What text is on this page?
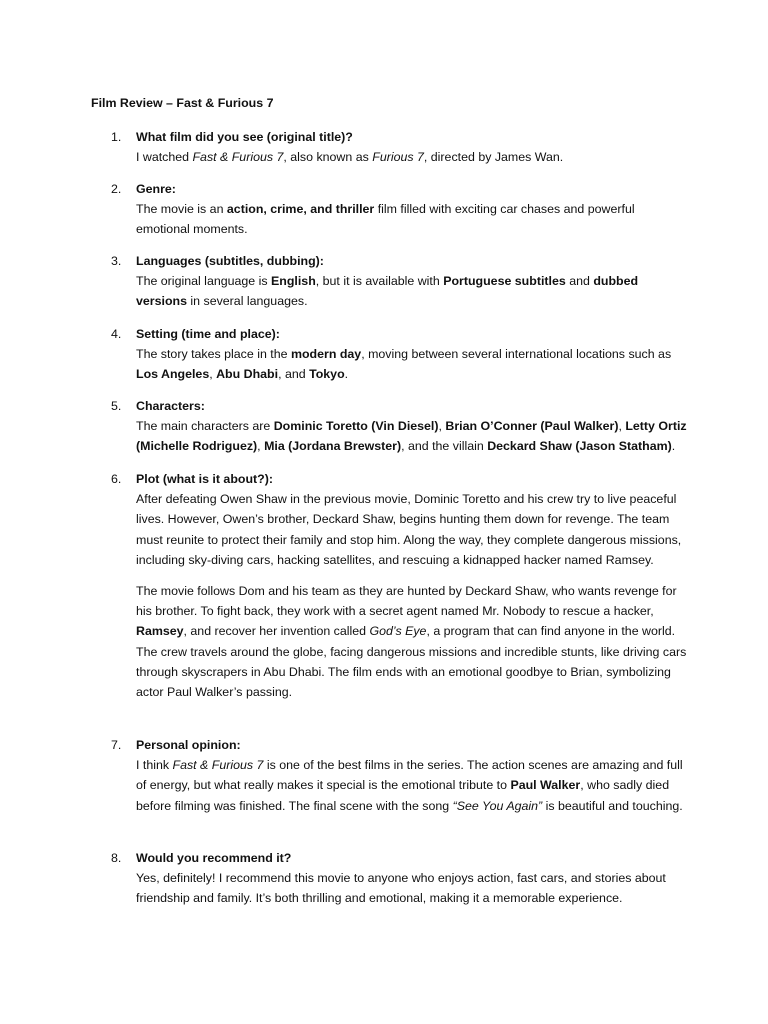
Film Review – Fast & Furious 7
1. What film did you see (original title)?

I watched Fast & Furious 7, also known as Furious 7, directed by James Wan.

2. Genre:

The movie is an action, crime, and thriller film filled with exciting car chases and powerful emotional moments.

3. Languages (subtitles, dubbing):

The original language is English, but it is available with Portuguese subtitles and dubbed versions in several languages.

4. Setting (time and place):

The story takes place in the modern day, moving between several international locations such as Los Angeles, Abu Dhabi, and Tokyo.

5. Characters:

The main characters are Dominic Toretto (Vin Diesel), Brian O’Conner (Paul Walker), Letty Ortiz (Michelle Rodriguez), Mia (Jordana Brewster), and the villain Deckard Shaw (Jason Statham).

6. Plot (what is it about?):

After defeating Owen Shaw in the previous movie, Dominic Toretto and his crew try to live peaceful lives. However, Owen’s brother, Deckard Shaw, begins hunting them down for revenge. The team must reunite to protect their family and stop him. Along the way, they complete dangerous missions, including sky-diving cars, hacking satellites, and rescuing a kidnapped hacker named Ramsey.

The movie follows Dom and his team as they are hunted by Deckard Shaw, who wants revenge for his brother. To fight back, they work with a secret agent named Mr. Nobody to rescue a hacker, Ramsey, and recover her invention called God’s Eye, a program that can find anyone in the world. The crew travels around the globe, facing dangerous missions and incredible stunts, like driving cars through skyscrapers in Abu Dhabi. The film ends with an emotional goodbye to Brian, symbolizing actor Paul Walker’s passing.

7. Personal opinion:

I think Fast & Furious 7 is one of the best films in the series. The action scenes are amazing and full of energy, but what really makes it special is the emotional tribute to Paul Walker, who sadly died before filming was finished. The final scene with the song “See You Again” is beautiful and touching.

8. Would you recommend it?

Yes, definitely! I recommend this movie to anyone who enjoys action, fast cars, and stories about friendship and family. It’s both thrilling and emotional, making it a memorable experience.
